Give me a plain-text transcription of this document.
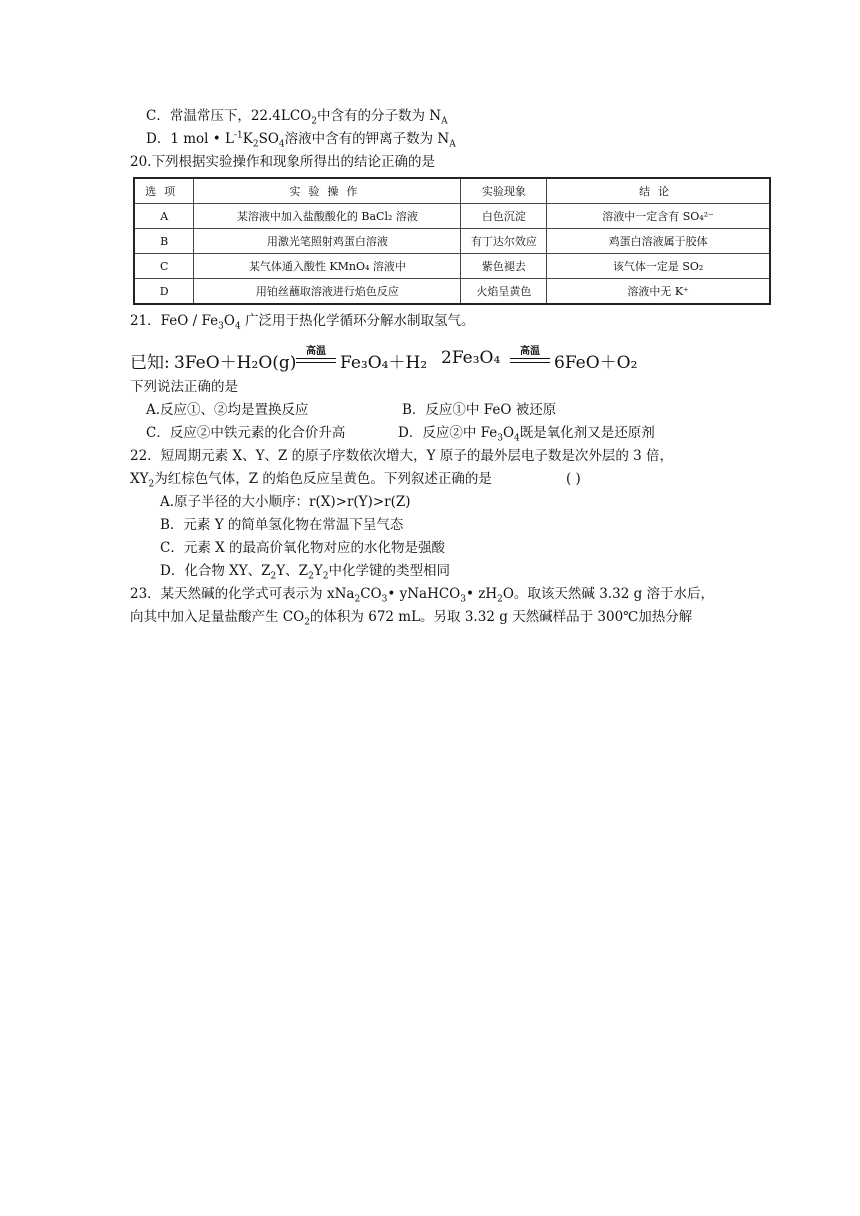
C．常温常压下，$22.4LCO_2$中含有的分子数为 $N_A$
D．1 mol • $L^{-1}K_2SO_4$溶液中含有的钾离子数为 $N_A$
20.下列根据实验操作和现象所得出的结论正确的是
选项	实验操作	实验现象	结论
A	某溶液中加入盐酸酸化的 BaCl₂ 溶液	白色沉淀	溶液中一定含有 SO₄²⁻
B	用激光笔照射鸡蛋白溶液	有丁达尔效应	鸡蛋白溶液属于胶体
C	某气体通入酸性 KMnO₄ 溶液中	紫色褪去	该气体一定是 SO₂
D	用铂丝蘸取溶液进行焰色反应	火焰呈黄色	溶液中无 K⁺
21．FeO / $Fe_3O_4$ 广泛用于热化学循环分解水制取氢气。
已知: 3FeO＋H₂O(g)
高温
Fe₃O₄＋H₂ 2Fe₃O₄	高温
6FeO＋O₂
下列说法正确的是
A.反应①、②均是置换反应	B．反应①中 FeO 被还原
C．反应②中铁元素的化合价升高	D．反应②中 $Fe_3O_4$既是氧化剂又是还原剂
22．短周期元素 X、Y、Z 的原子序数依次增大，Y 原子的最外层电子数是次外层的 3 倍，
$XY_2$为红棕色气体，Z 的焰色反应呈黄色。下列叙述正确的是	( )
A.原子半径的大小顺序：r(X)>r(Y)>r(Z)
B．元素 Y 的简单氢化物在常温下呈气态
C．元素 X 的最高价氧化物对应的水化物是强酸
D．化合物 XY、$Z_2Y$、$Z_2Y_2$中化学键的类型相同
23．某天然碱的化学式可表示为 $xNa_2CO_3•$ yNaHCO$_3$• $zH_2O$。取该天然碱 3.32 g 溶于水后，
向其中加入足量盐酸产生 $CO_2$的体积为 672 mL。另取 3.32 g 天然碱样品于 300℃加热分解
